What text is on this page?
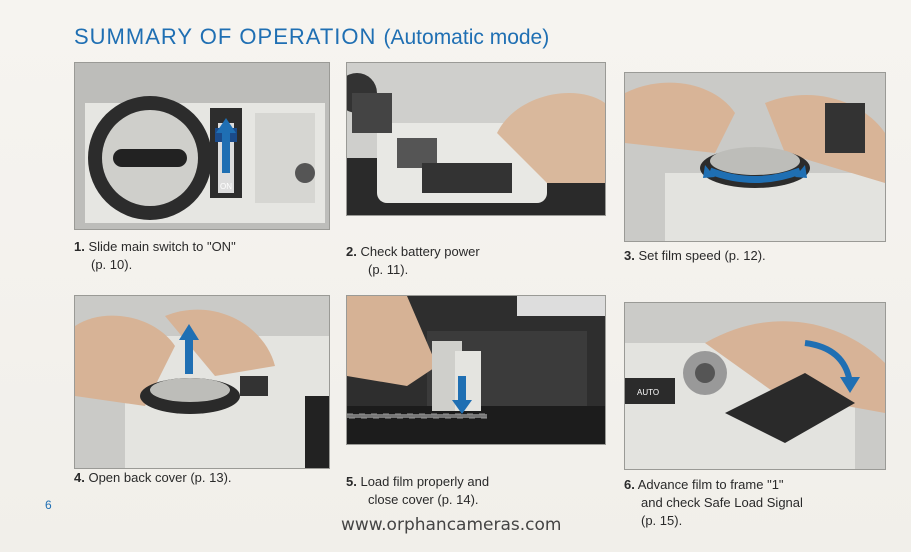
SUMMARY OF OPERATION (Automatic mode)
ON
AUTO
1. Slide main switch to "ON"
(p. 10).
2. Check battery power
(p. 11).
3. Set film speed (p. 12).
4. Open back cover (p. 13).	5. Load film properly and
close cover (p. 14).
6. Advance film to frame "1"
and check Safe Load Signal
(p. 15).
6
www.orphancameras.com
